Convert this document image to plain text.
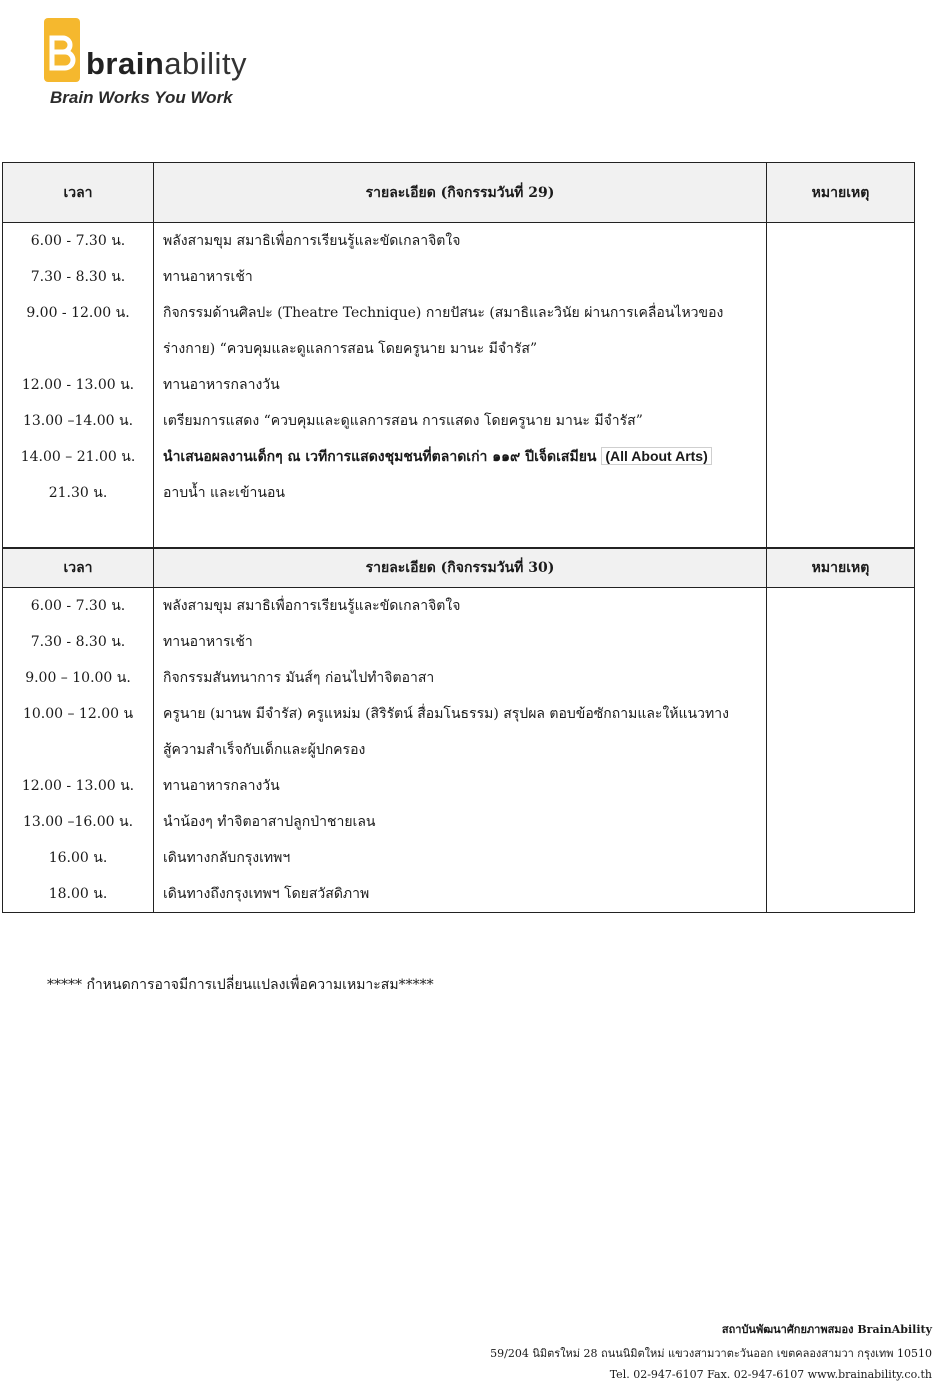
brainability
Brain Works You Work
เวลา	รายละเอียด (กิจกรรมวันที่ 29)	หมายเหตุ
6.00 - 7.30 น.	พลังสามขุม สมาธิเพื่อการเรียนรู้และขัดเกลาจิตใจ	
7.30 - 8.30 น.	ทานอาหารเช้า	
9.00 - 12.00 น.	กิจกรรมด้านศิลปะ (Theatre Technique) กายปัสนะ (สมาธิและวินัย ผ่านการเคลื่อนไหวของ	
	ร่างกาย) “ควบคุมและดูแลการสอน โดยครูนาย มานะ มีจำรัส”	
12.00 - 13.00 น.	ทานอาหารกลางวัน	
13.00 –14.00 น.	เตรียมการแสดง “ควบคุมและดูแลการสอน การแสดง โดยครูนาย มานะ มีจำรัส”	
14.00 – 21.00 น.	นำเสนอผลงานเด็กๆ ณ เวทีการแสดงชุมชนที่ตลาดเก่า ๑๑๙ ปีเจ็ดเสมียน (All About Arts)	
21.30 น.	อาบน้ำ และเข้านอน	

เวลา	รายละเอียด (กิจกรรมวันที่ 30)	หมายเหตุ
6.00 - 7.30 น.	พลังสามขุม สมาธิเพื่อการเรียนรู้และขัดเกลาจิตใจ	
7.30 - 8.30 น.	ทานอาหารเช้า	
9.00 – 10.00 น.	กิจกรรมสันทนาการ มันส์ๆ ก่อนไปทำจิตอาสา	
10.00 – 12.00 น	ครูนาย (มานพ มีจำรัส) ครูแหม่ม (สิริรัตน์ สื่อมโนธรรม) สรุปผล ตอบข้อซักถามและให้แนวทาง	
	สู้ความสำเร็จกับเด็กและผู้ปกครอง	
12.00 - 13.00 น.	ทานอาหารกลางวัน	
13.00 –16.00 น.	นำน้องๆ ทำจิตอาสาปลูกป่าชายเลน	
16.00 น.	เดินทางกลับกรุงเทพฯ	
18.00 น.	เดินทางถึงกรุงเทพฯ โดยสวัสดิภาพ	
***** กำหนดการอาจมีการเปลี่ยนแปลงเพื่อความเหมาะสม*****
สถาบันพัฒนาศักยภาพสมอง BrainAbility
59/204 นิมิตรใหม่ 28 ถนนนิมิตใหม่ แขวงสามวาตะวันออก เขตคลองสามวา กรุงเทพ 10510
Tel. 02-947-6107 Fax. 02-947-6107 www.brainability.co.th
